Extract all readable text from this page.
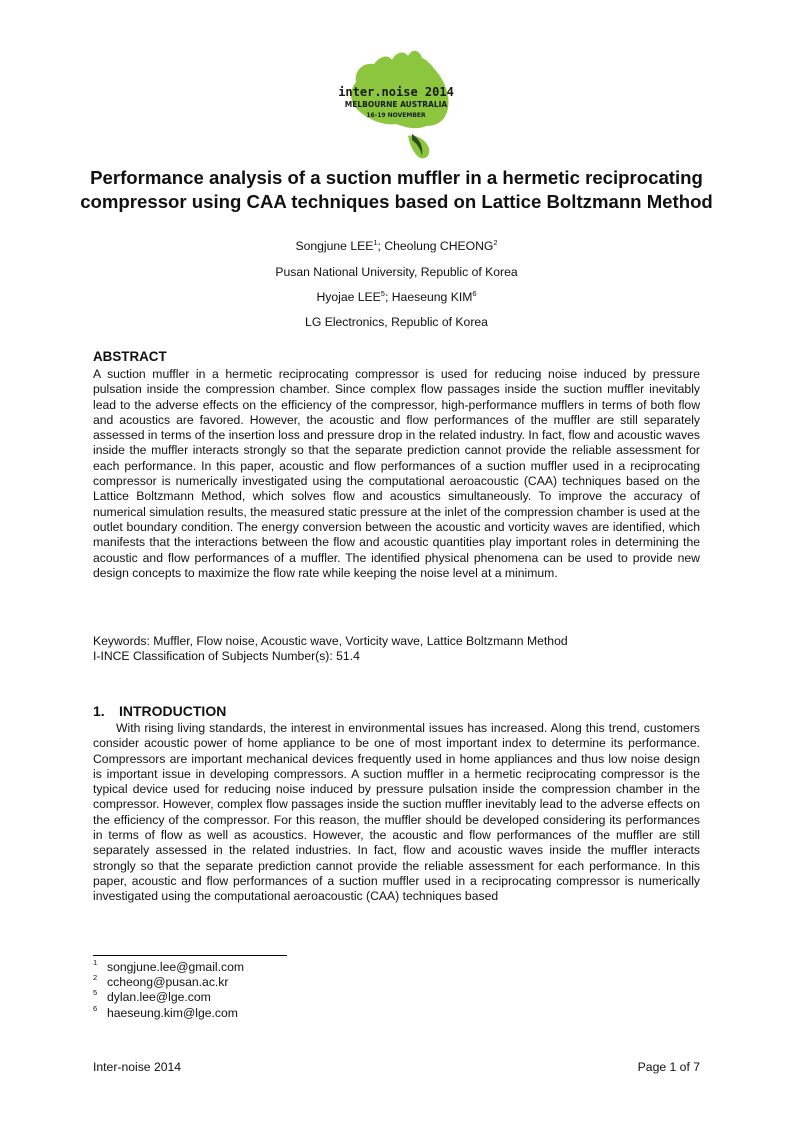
inter.noise 2014
MELBOURNE AUSTRALIA
16-19 NOVEMBER
Performance analysis of a suction muffler in a hermetic reciprocating compressor using CAA techniques based on Lattice Boltzmann Method
Songjune LEE$^1$; Cheolung CHEONG$^2$
Pusan National University, Republic of Korea
Hyojae LEE$^5$; Haeseung KIM$^6$
LG Electronics, Republic of Korea
ABSTRACT

A suction muffler in a hermetic reciprocating compressor is used for reducing noise induced by pressure pulsation inside the compression chamber. Since complex flow passages inside the suction muffler inevitably lead to the adverse effects on the efficiency of the compressor, high-performance mufflers in terms of both flow and acoustics are favored. However, the acoustic and flow performances of the muffler are still separately assessed in terms of the insertion loss and pressure drop in the related industry. In fact, flow and acoustic waves inside the muffler interacts strongly so that the separate prediction cannot provide the reliable assessment for each performance. In this paper, acoustic and flow performances of a suction muffler used in a reciprocating compressor is numerically investigated using the computational aeroacoustic (CAA) techniques based on the Lattice Boltzmann Method, which solves flow and acoustics simultaneously. To improve the accuracy of numerical simulation results, the measured static pressure at the inlet of the compression chamber is used at the outlet boundary condition. The energy conversion between the acoustic and vorticity waves are identified, which manifests that the interactions between the flow and acoustic quantities play important roles in determining the acoustic and flow performances of a muffler. The identified physical phenomena can be used to provide new design concepts to maximize the flow rate while keeping the noise level at a minimum.

Keywords: Muffler, Flow noise, Acoustic wave, Vorticity wave, Lattice Boltzmann Method
I-INCE Classification of Subjects Number(s): 51.4
1. INTRODUCTION

With rising living standards, the interest in environmental issues has increased. Along this trend, customers consider acoustic power of home appliance to be one of most important index to determine its performance. Compressors are important mechanical devices frequently used in home appliances and thus low noise design is important issue in developing compressors. A suction muffler in a hermetic reciprocating compressor is the typical device used for reducing noise induced by pressure pulsation inside the compression chamber in the compressor. However, complex flow passages inside the suction muffler inevitably lead to the adverse effects on the efficiency of the compressor. For this reason, the muffler should be developed considering its performances in terms of flow as well as acoustics. However, the acoustic and flow performances of the muffler are still separately assessed in the related industries. In fact, flow and acoustic waves inside the muffler interacts strongly so that the separate prediction cannot provide the reliable assessment for each performance. In this paper, acoustic and flow performances of a suction muffler used in a reciprocating compressor is numerically investigated using the computational aeroacoustic (CAA) techniques based

$^1$ songjune.lee@gmail.com
$^2$ ccheong@pusan.ac.kr
$^5$ dylan.lee@lge.com
$^6$ haeseung.kim@lge.com
Inter-noise 2014	Page 1 of 7
